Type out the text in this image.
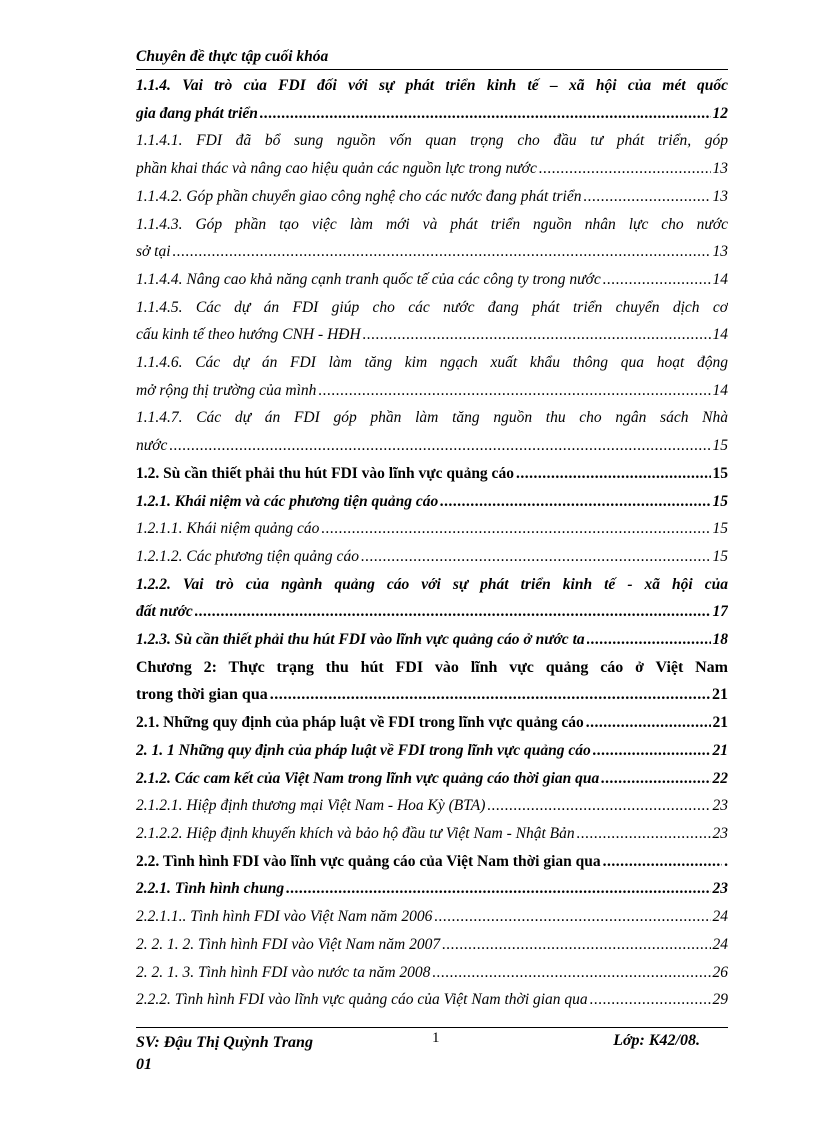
Chuyên đề thực tập cuối khóa
1.1.4. Vai trò của FDI đối với sự phát triển kinh tế – xã hội của mét quốc
gia đang phát triển .....	12
1.1.4.1. FDI đã bổ sung nguồn vốn quan trọng cho đầu tư phát triển, góp
phần khai thác và nâng cao hiệu quản các nguồn lực trong nước .....	13
1.1.4.2. Góp phần chuyển giao công nghệ cho các nước đang phát triển .....	13
1.1.4.3. Góp phần tạo việc làm mới và phát triển nguồn nhân lực cho nước
sở tại .....	13
1.1.4.4. Nâng cao khả năng cạnh tranh quốc tế của các công ty trong nước .....	14
1.1.4.5. Các dự án FDI giúp cho các nước đang phát triển chuyển dịch cơ
cấu kinh tế theo hướng CNH - HĐH .....	14
1.1.4.6. Các dự án FDI làm tăng kim ngạch xuất khẩu thông qua hoạt động
mở rộng thị trường của mình .....	14
1.1.4.7. Các dự án FDI góp phần làm tăng nguồn thu cho ngân sách Nhà
nước .....	15
1.2. Sù cần thiết phải thu hút FDI vào lĩnh vực quảng cáo .....	15
1.2.1. Khái niệm và các phương tiện quảng cáo .....	15
1.2.1.1. Khái niệm quảng cáo .....	15
1.2.1.2. Các phương tiện quảng cáo .....	15
1.2.2. Vai trò của ngành quảng cáo với sự phát triển kinh tế - xã hội của
đất nước .....	17
1.2.3. Sù cần thiết phải thu hút FDI vào lĩnh vực quảng cáo ở nước ta .....	18
Chương 2: Thực trạng thu hút FDI vào lĩnh vực quảng cáo ở Việt Nam
trong thời gian qua .....	21
2.1. Những quy định của pháp luật về FDI trong lĩnh vực quảng cáo .....	21
2. 1. 1 Những quy định của pháp luật về FDI trong lĩnh vực quảng cáo .....	21
2.1.2. Các cam kết của Việt Nam trong lĩnh vực quảng cáo thời gian qua .....	22
2.1.2.1. Hiệp định thương mại Việt Nam - Hoa Kỳ (BTA) .....	23
2.1.2.2. Hiệp định khuyến khích và bảo hộ đầu tư Việt Nam - Nhật Bản .....	23
2.2. Tình hình FDI vào lĩnh vực quảng cáo của Việt Nam thời gian qua .....	.
2.2.1. Tình hình chung .....	23
2.2.1.1.. Tình hình FDI vào Việt Nam năm 2006 .....	24
2. 2. 1. 2. Tình hình FDI vào Việt Nam năm 2007 .....	24
2. 2. 1. 3. Tình hình FDI vào nước ta năm 2008 .....	26
2.2.2. Tình hình FDI vào lĩnh vực quảng cáo của Việt Nam thời gian qua .....	29
SV: Đậu Thị Quỳnh Trang
01
1	Lớp: K42/08.
